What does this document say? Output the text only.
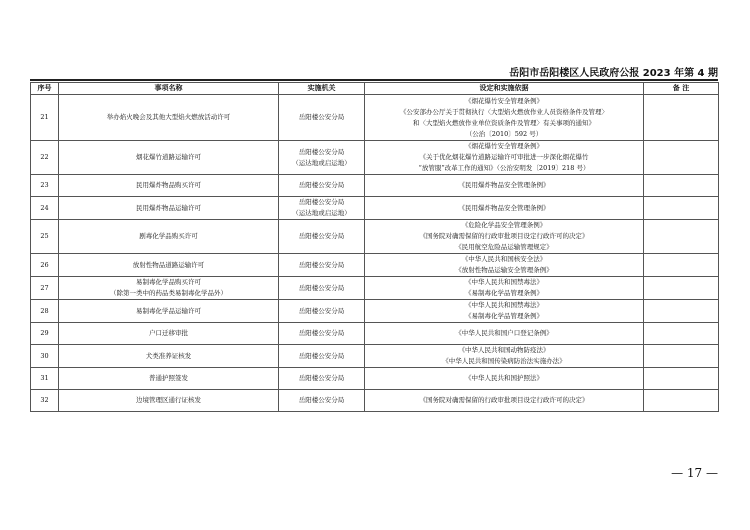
岳阳市岳阳楼区人民政府公报 2023 年第 4 期
序号	事项名称	实施机关	设定和实施依据	备 注
21	举办焰火晚会及其他大型焰火燃放活动许可	岳阳楼公安分局	《烟花爆竹安全管理条例》
《公安部办公厅关于贯彻执行〈大型焰火燃放作业人员资格条件及管理〉
和〈大型焰火燃放作业单位资质条件及管理〉有关事项的通知》
（公治〔2010〕592 号）	

22	烟花爆竹道路运输许可	岳阳楼公安分局
（运达地或启运地）	《烟花爆竹安全管理条例》
《关于优化烟花爆竹道路运输许可审批进一步深化烟花爆竹
“放管服”改革工作的通知》（公治安明发〔2019〕218 号）	

23	民用爆炸物品购买许可	岳阳楼公安分局	《民用爆炸物品安全管理条例》	

24	民用爆炸物品运输许可	岳阳楼公安分局
（运达地或启运地）	《民用爆炸物品安全管理条例》	

25	剧毒化学品购买许可	岳阳楼公安分局	《危险化学品安全管理条例》
《国务院对确需保留的行政审批项目设定行政许可的决定》
《民用航空危险品运输管理规定》	

26	放射性物品道路运输许可	岳阳楼公安分局	《中华人民共和国核安全法》
《放射性物品运输安全管理条例》	

27	易制毒化学品购买许可
（除第一类中的药品类易制毒化学品外）	岳阳楼公安分局	《中华人民共和国禁毒法》
《易制毒化学品管理条例》	

28	易制毒化学品运输许可	岳阳楼公安分局	《中华人民共和国禁毒法》
《易制毒化学品管理条例》	

29	户口迁移审批	岳阳楼公安分局	《中华人民共和国户口登记条例》	

30	犬类准养证核发	岳阳楼公安分局	《中华人民共和国动物防疫法》
《中华人民共和国传染病防治法实施办法》	

31	普通护照签发	岳阳楼公安分局	《中华人民共和国护照法》	

32	边境管理区通行证核发	岳阳楼公安分局	《国务院对确需保留的行政审批项目设定行政许可的决定》	

— 17 —
